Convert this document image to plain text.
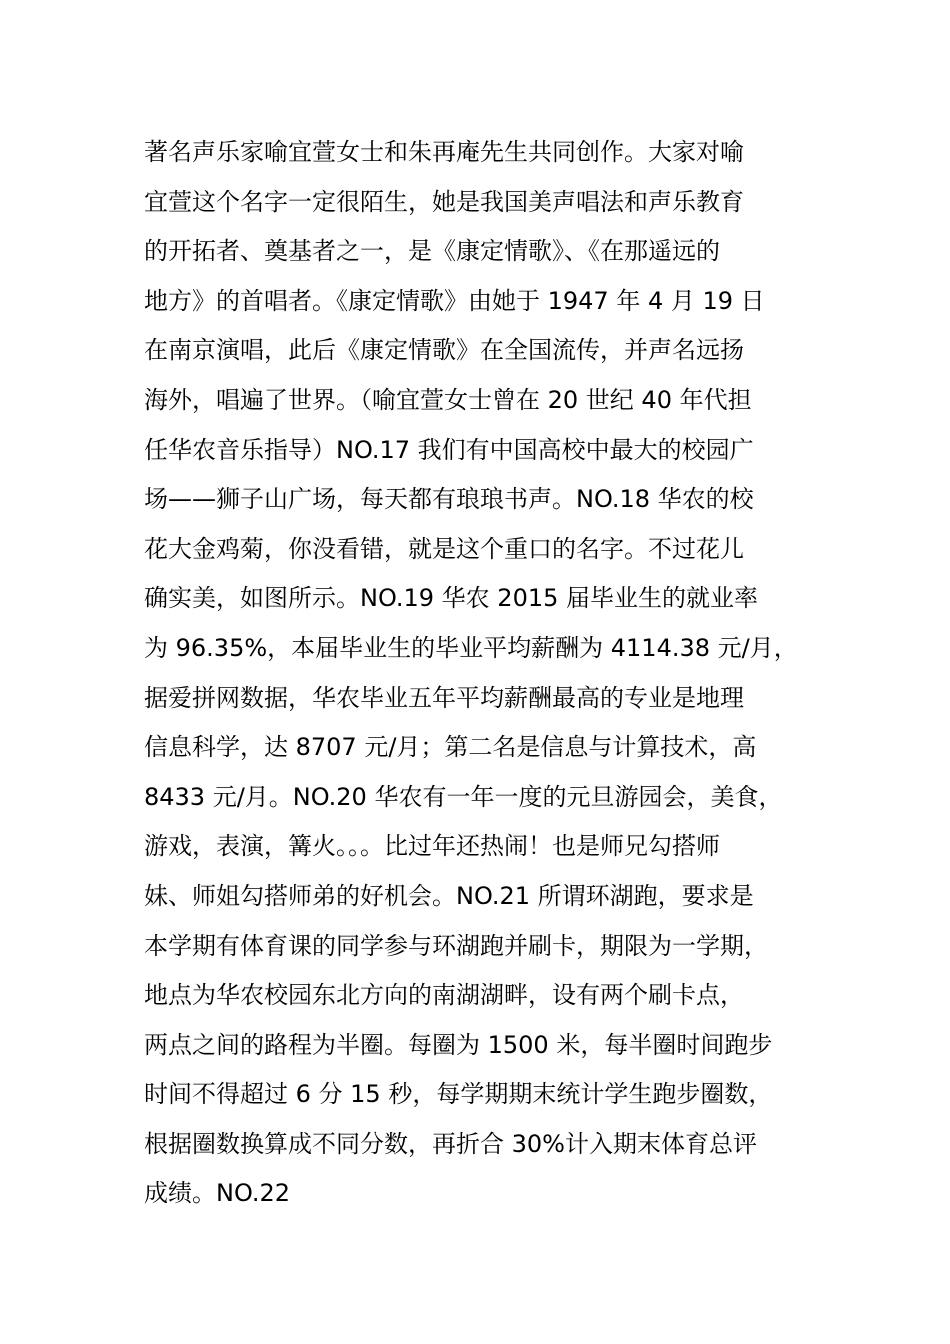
著名声乐家喻宜萱女士和朱再庵先生共同创作。大家对喻
宜萱这个名字一定很陌生，她是我国美声唱法和声乐教育
的开拓者、奠基者之一，是《康定情歌》、《在那遥远的
地方》的首唱者。《康定情歌》由她于 1947 年 4 月 19 日
在南京演唱，此后《康定情歌》在全国流传，并声名远扬
海外，唱遍了世界。（喻宜萱女士曾在 20 世纪 40 年代担
任华农音乐指导）NO.17 我们有中国高校中最大的校园广
场——狮子山广场，每天都有琅琅书声。NO.18 华农的校
花大金鸡菊，你没看错，就是这个重口的名字。不过花儿
确实美，如图所示。NO.19 华农 2015 届毕业生的就业率
为 96.35%，本届毕业生的毕业平均薪酬为 4114.38 元/月，
据爱拼网数据，华农毕业五年平均薪酬最高的专业是地理
信息科学，达 8707 元/月；第二名是信息与计算技术，高
8433 元/月。NO.20 华农有一年一度的元旦游园会，美食，
游戏，表演，篝火。。。比过年还热闹！也是师兄勾搭师
妹、师姐勾搭师弟的好机会。NO.21 所谓环湖跑，要求是
本学期有体育课的同学参与环湖跑并刷卡，期限为一学期，
地点为华农校园东北方向的南湖湖畔，设有两个刷卡点，
两点之间的路程为半圈。每圈为 1500 米，每半圈时间跑步
时间不得超过 6 分 15 秒，每学期期末统计学生跑步圈数，
根据圈数换算成不同分数，再折合 30%计入期末体育总评
成绩。NO.22
